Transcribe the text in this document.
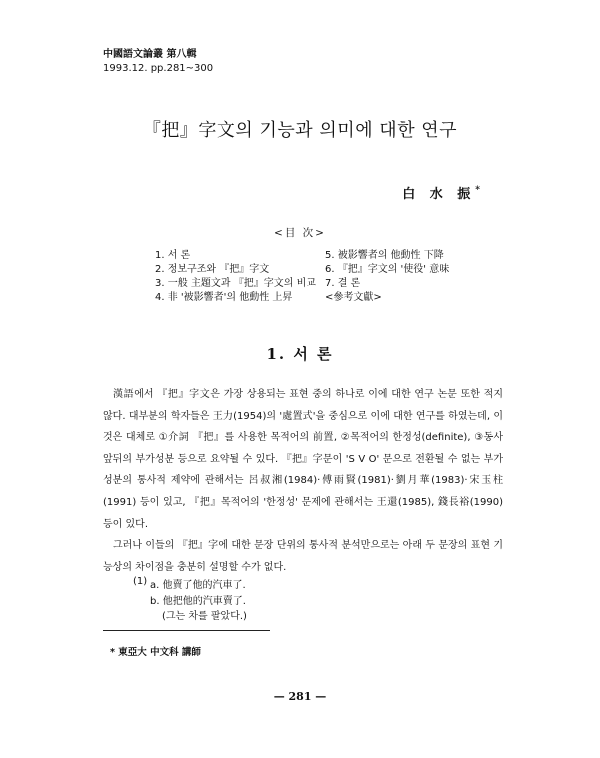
中國語文論叢 第八輯
1993.12. pp.281~300
『把』字文의 기능과 의미에 대한 연구
白 水 振*
<目 次>
1. 서 론
2. 정보구조와 『把』字文
3. 一般 主題文과 『把』字文의 비교
4. 非 '被影響者'의 他動性 上昇
5. 被影響者의 他動性 下降
6. 『把』字文의 '使役' 意味
7. 결 론
<參考文獻>
1. 서 론

漢語에서 『把』字文은 가장 상용되는 표현 중의 하나로 이에 대한 연구 논문 또한 적지 않다. 대부분의 학자들은 王力(1954)의 '處置式'을 중심으로 이에 대한 연구를 하였는데, 이것은 대체로 ①介詞 『把』를 사용한 목적어의 前置, ②목적어의 한정성(definite), ③동사 앞뒤의 부가성분 등으로 요약될 수 있다. 『把』字문이 'S V O' 문으로 전환될 수 없는 부가성분의 통사적 제약에 관해서는 呂叔湘(1984)·傅雨賢(1981)·劉月華(1983)·宋玉柱(1991) 등이 있고, 『把』목적어의 '한정성' 문제에 관해서는 王還(1985), 錢長裕(1990) 등이 있다.

그러나 이들의 『把』字에 대한 문장 단위의 통사적 분석만으로는 아래 두 문장의 표현 기능상의 차이점을 충분히 설명할 수가 없다.

(1) a. 他賣了他的汽車了.
b. 他把他的汽車賣了.
(그는 차를 팔았다.)
* 東亞大 中文科 講師
— 281 —
